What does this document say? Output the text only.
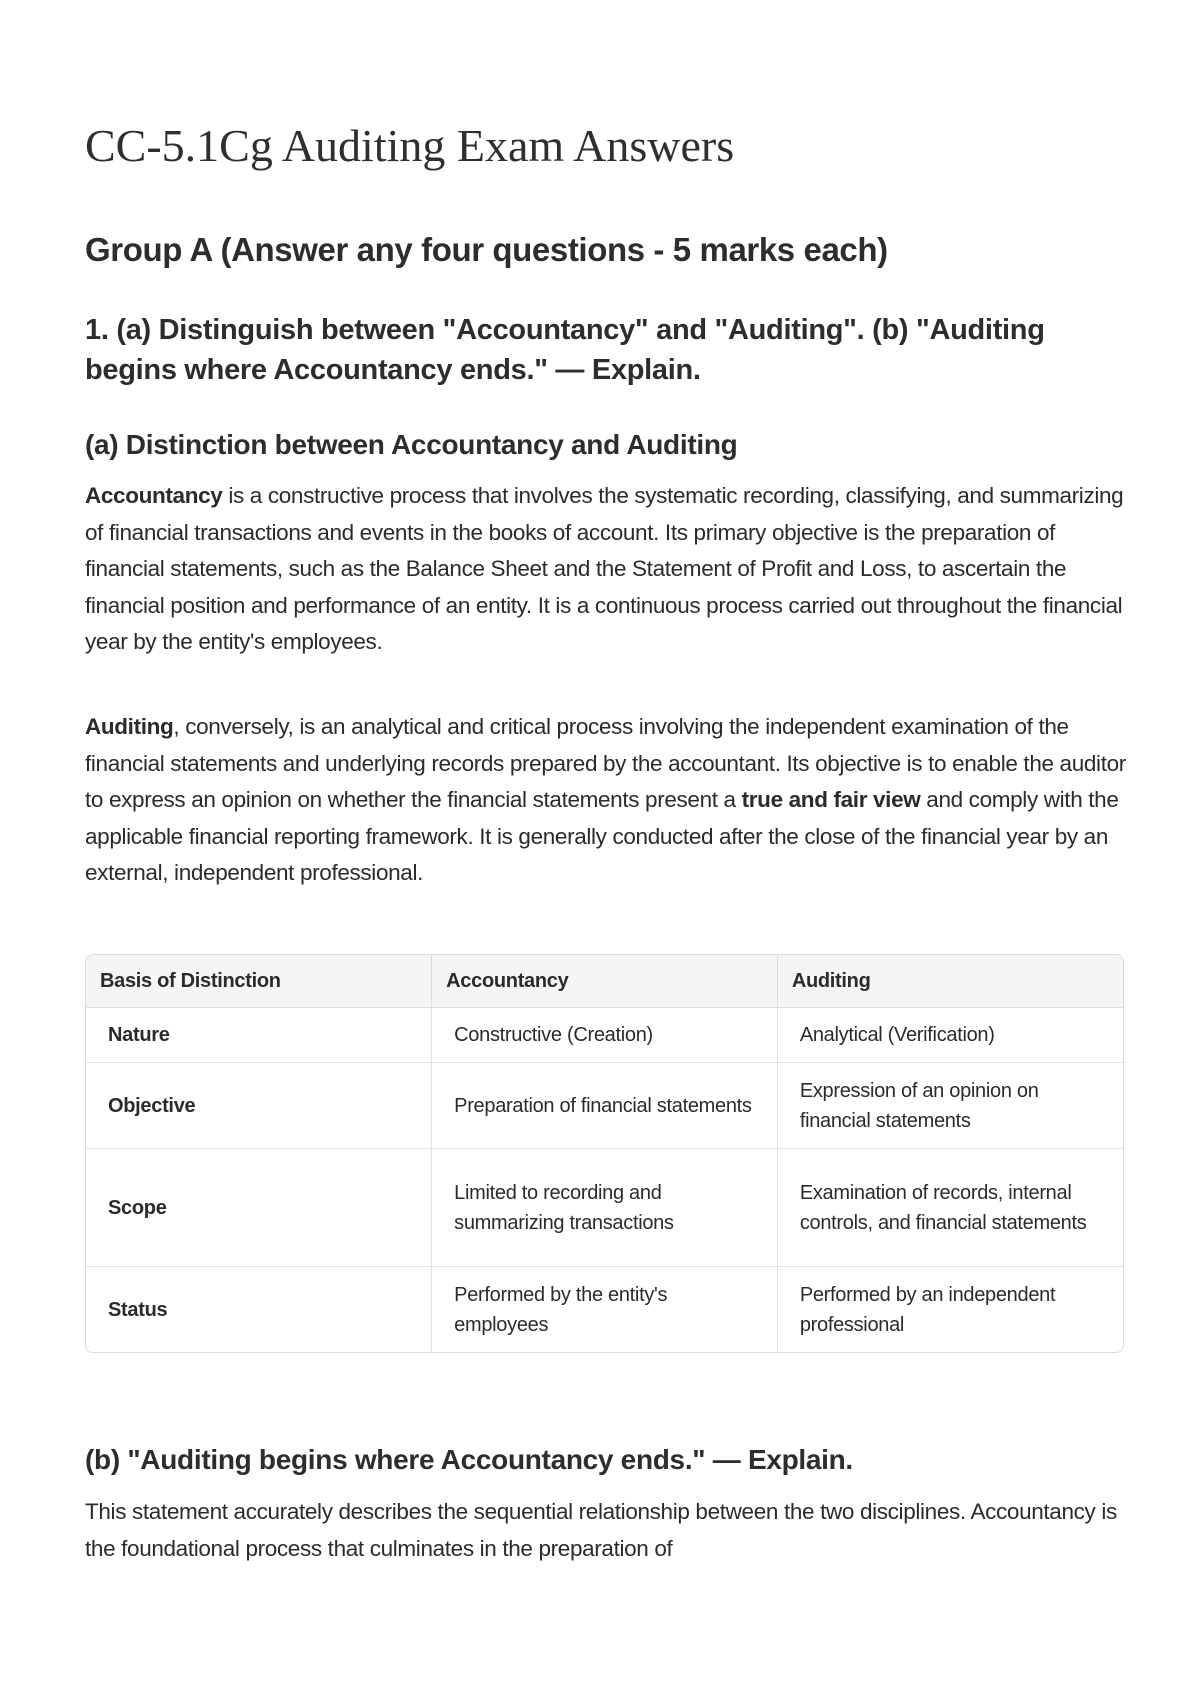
CC-5.1Cg Auditing Exam Answers
Group A (Answer any four questions - 5 marks each)
1. (a) Distinguish between "Accountancy" and "Auditing". (b) "Auditing begins where Accountancy ends." — Explain.
(a) Distinction between Accountancy and Auditing

Accountancy is a constructive process that involves the systematic recording, classifying, and summarizing of financial transactions and events in the books of account. Its primary objective is the preparation of financial statements, such as the Balance Sheet and the Statement of Profit and Loss, to ascertain the financial position and performance of an entity. It is a continuous process carried out throughout the financial year by the entity's employees.

Auditing, conversely, is an analytical and critical process involving the independent examination of the financial statements and underlying records prepared by the accountant. Its objective is to enable the auditor to express an opinion on whether the financial statements present a true and fair view and comply with the applicable financial reporting framework. It is generally conducted after the close of the financial year by an external, independent professional.

Basis of Distinction	Accountancy	Auditing
Nature	Constructive (Creation)	Analytical (Verification)
Objective	Preparation of financial statements	Expression of an opinion on financial statements
Scope	Limited to recording and summarizing transactions	Examination of records, internal controls, and financial statements
Status	Performed by the entity's employees	Performed by an independent professional
(b) "Auditing begins where Accountancy ends." — Explain.

This statement accurately describes the sequential relationship between the two disciplines. Accountancy is the foundational process that culminates in the preparation of
